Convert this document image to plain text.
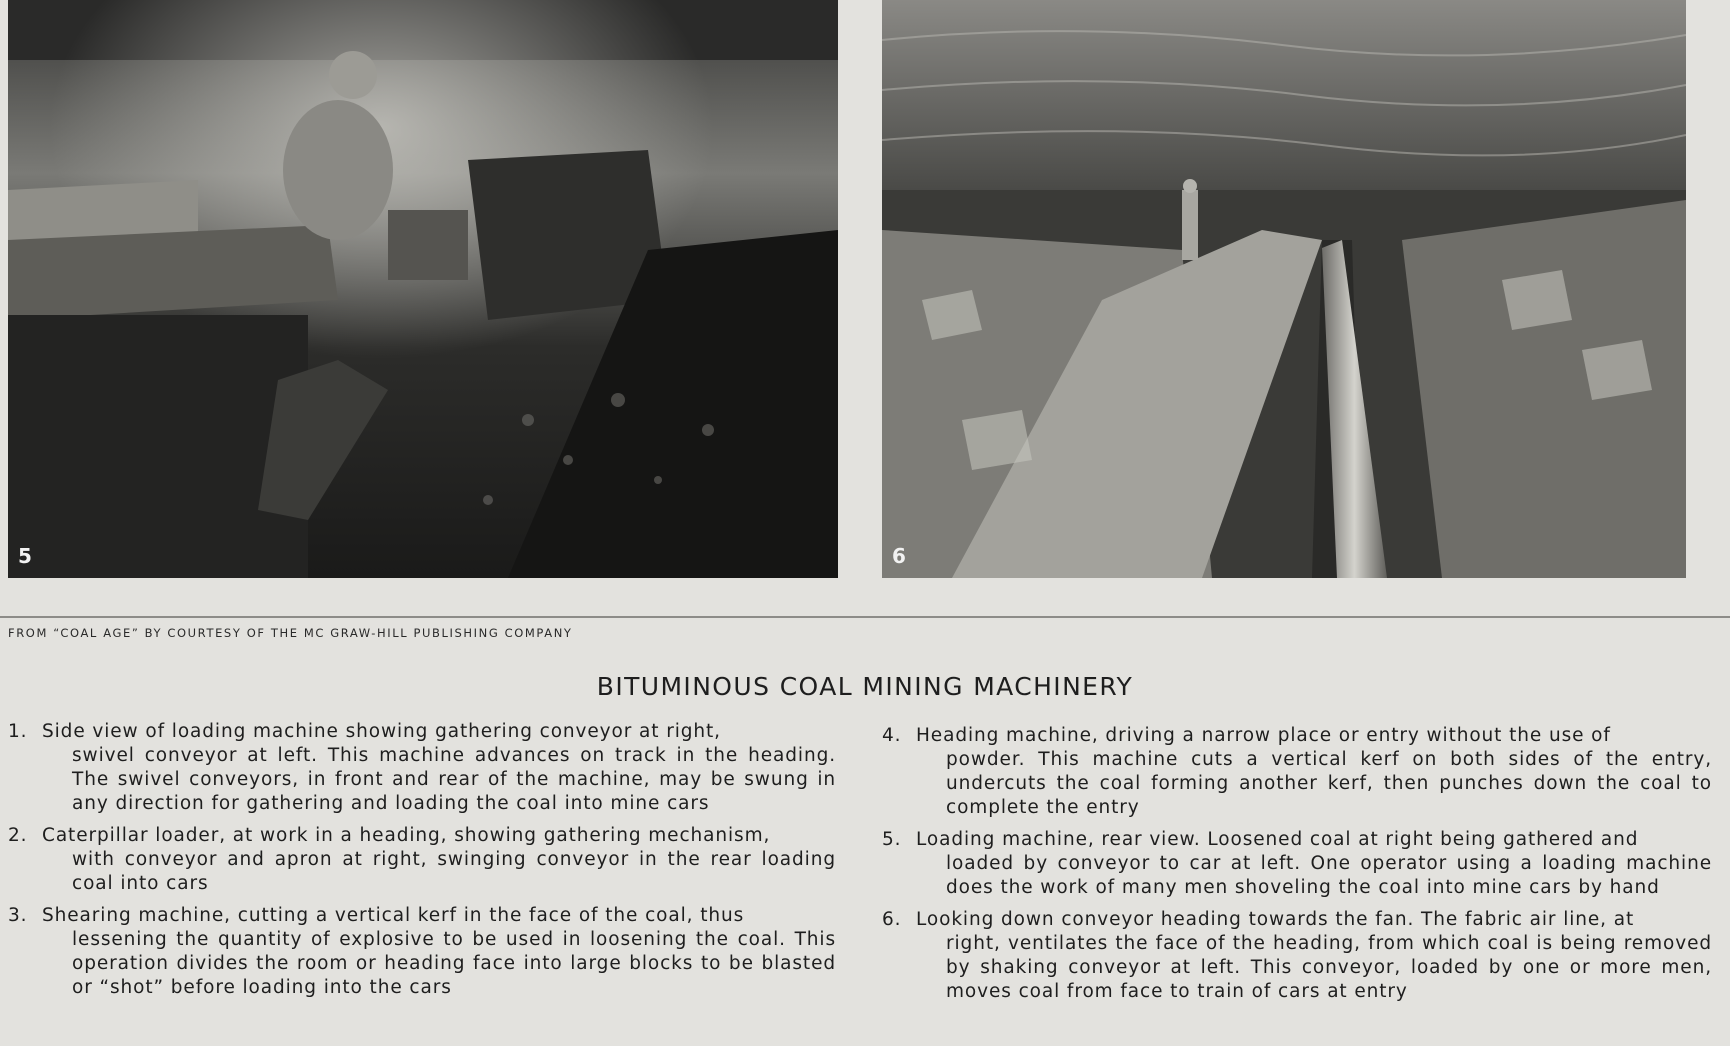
5	6
FROM “COAL AGE” BY COURTESY OF THE MC GRAW-HILL PUBLISHING COMPANY
BITUMINOUS COAL MINING MACHINERY
1. Side view of loading machine showing gathering conveyor at right,
swivel conveyor at left. This machine advances on track in the heading. The swivel conveyors, in front and rear of the machine, may be swung in any direction for gathering and loading the coal into mine cars
2. Caterpillar loader, at work in a heading, showing gathering mechanism,
with conveyor and apron at right, swinging conveyor in the rear loading coal into cars
3. Shearing machine, cutting a vertical kerf in the face of the coal, thus
lessening the quantity of explosive to be used in loosening the coal. This operation divides the room or heading face into large blocks to be blasted or “shot” before loading into the cars
4. Heading machine, driving a narrow place or entry without the use of
powder. This machine cuts a vertical kerf on both sides of the entry, undercuts the coal forming another kerf, then punches down the coal to complete the entry
5. Loading machine, rear view. Loosened coal at right being gathered and
loaded by conveyor to car at left. One operator using a loading machine does the work of many men shoveling the coal into mine cars by hand
6. Looking down conveyor heading towards the fan. The fabric air line, at
right, ventilates the face of the heading, from which coal is being removed by shaking conveyor at left. This conveyor, loaded by one or more men, moves coal from face to train of cars at entry
